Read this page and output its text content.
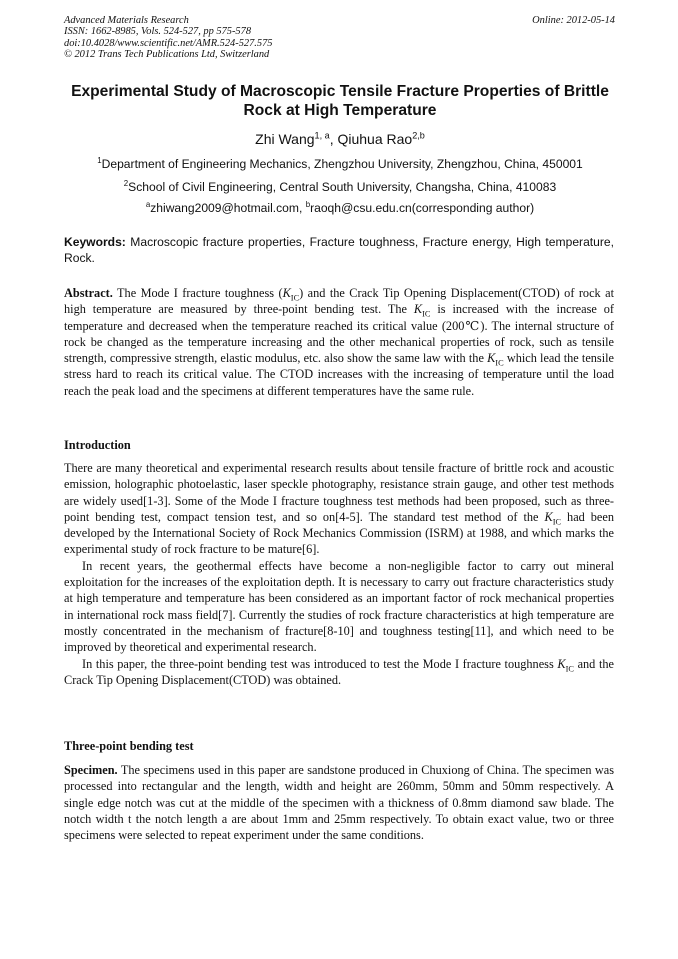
Advanced Materials Research
ISSN: 1662-8985, Vols. 524-527, pp 575-578
doi:10.4028/www.scientific.net/AMR.524-527.575
© 2012 Trans Tech Publications Ltd, Switzerland
Online: 2012-05-14
Experimental Study of Macroscopic Tensile Fracture Properties of Brittle Rock at High Temperature
Zhi Wang$^{1, a}$, Qiuhua Rao$^{2,b}$
$^1$Department of Engineering Mechanics, Zhengzhou University, Zhengzhou, China, 450001
$^2$School of Civil Engineering, Central South University, Changsha, China, 410083
$^a$zhiwang2009@hotmail.com, $^b$raoqh@csu.edu.cn(corresponding author)
Keywords: Macroscopic fracture properties, Fracture toughness, Fracture energy, High temperature, Rock.

Abstract. The Mode I fracture toughness $(K_{IC})$ and the Crack Tip Opening Displacement(CTOD) of rock at high temperature are measured by three-point bending test. The $K_{IC}$ is increased with the increase of temperature and decreased when the temperature reached its critical value (200℃). The internal structure of rock be changed as the temperature increasing and the other mechanical properties of rock, such as tensile strength, compressive strength, elastic modulus, etc. also show the same law with the $K_{IC}$ which lead the tensile stress hard to reach its critical value. The CTOD increases with the increasing of temperature until the load reach the peak load and the specimens at different temperatures have the same rule.

Introduction

There are many theoretical and experimental research results about tensile fracture of brittle rock and acoustic emission, holographic photoelastic, laser speckle photography, resistance strain gauge, and other test methods are widely used[1-3]. Some of the Mode I fracture toughness test methods had been proposed, such as three-point bending test, compact tension test, and so on[4-5]. The standard test method of the $K_{IC}$ had been developed by the International Society of Rock Mechanics Commission (ISRM) at 1988, and which marks the experimental study of rock fracture to be mature[6].

In recent years, the geothermal effects have become a non-negligible factor to carry out mineral exploitation for the increases of the exploitation depth. It is necessary to carry out fracture characteristics study at high temperature and temperature has been considered as an important factor of rock mechanical properties in international rock mass field[7]. Currently the studies of rock fracture characteristics at high temperature are mostly concentrated in the mechanism of fracture[8-10] and toughness testing[11], and which need to be improved by theoretical and experimental research.

In this paper, the three-point bending test was introduced to test the Mode I fracture toughness $K_{IC}$ and the Crack Tip Opening Displacement(CTOD) was obtained.

Three-point bending test

Specimen. The specimens used in this paper are sandstone produced in Chuxiong of China. The specimen was processed into rectangular and the length, width and height are 260mm, 50mm and 50mm respectively. A single edge notch was cut at the middle of the specimen with a thickness of 0.8mm diamond saw blade. The notch width t the notch length a are about 1mm and 25mm respectively. To obtain exact value, two or three specimens were selected to repeat experiment under the same conditions.
